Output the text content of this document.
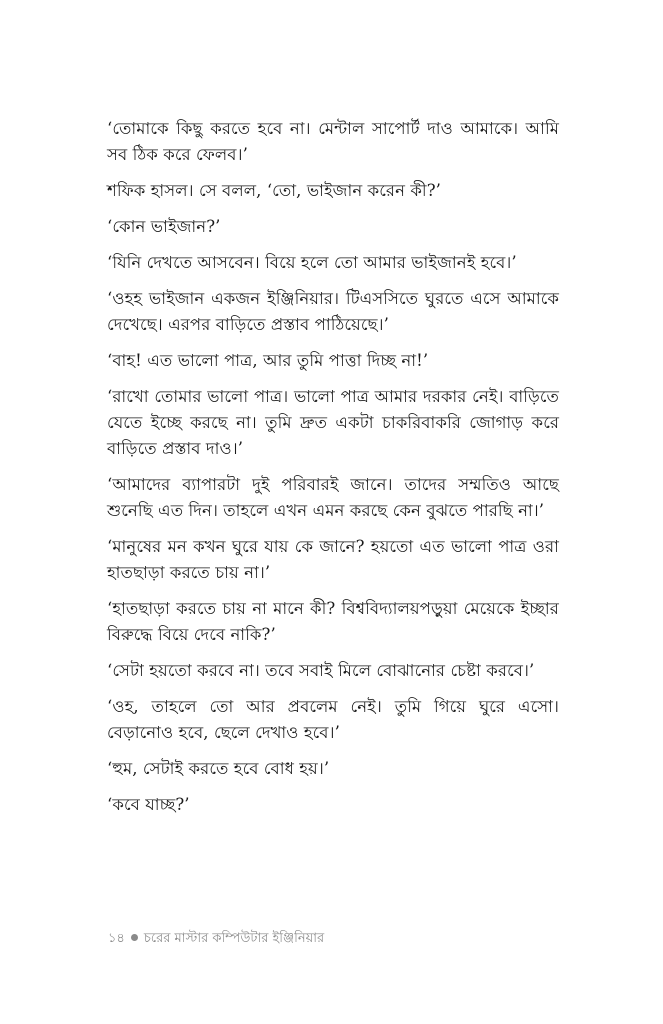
‘তোমাকে কিছু করতে হবে না। মেন্টাল সাপোর্ট দাও আমাকে। আমি সব ঠিক করে ফেলব।’

শফিক হাসল। সে বলল, ‘তো, ভাইজান করেন কী?’

‘কোন ভাইজান?’

‘যিনি দেখতে আসবেন। বিয়ে হলে তো আমার ভাইজানই হবে।’

‘ওহহ ভাইজান একজন ইঞ্জিনিয়ার। টিএসসিতে ঘুরতে এসে আমাকে দেখেছে। এরপর বাড়িতে প্রস্তাব পাঠিয়েছে।’

‘বাহ! এত ভালো পাত্র, আর তুমি পাত্তা দিচ্ছ না!’

‘রাখো তোমার ভালো পাত্র। ভালো পাত্র আমার দরকার নেই। বাড়িতে যেতে ইচ্ছে করছে না। তুমি দ্রুত একটা চাকরিবাকরি জোগাড় করে বাড়িতে প্রস্তাব দাও।’

‘আমাদের ব্যাপারটা দুই পরিবারই জানে। তাদের সম্মতিও আছে শুনেছি এত দিন। তাহলে এখন এমন করছে কেন বুঝতে পারছি না।’

‘মানুষের মন কখন ঘুরে যায় কে জানে? হয়তো এত ভালো পাত্র ওরা হাতছাড়া করতে চায় না।’

‘হাতছাড়া করতে চায় না মানে কী? বিশ্ববিদ্যালয়পড়ুয়া মেয়েকে ইচ্ছার বিরুদ্ধে বিয়ে দেবে নাকি?’

‘সেটা হয়তো করবে না। তবে সবাই মিলে বোঝানোর চেষ্টা করবে।’

‘ওহ, তাহলে তো আর প্রবলেম নেই। তুমি গিয়ে ঘুরে এসো। বেড়ানোও হবে, ছেলে দেখাও হবে।’

‘হুম, সেটাই করতে হবে বোধ হয়।’

‘কবে যাচ্ছ?’

১৪ চরের মাস্টার কম্পিউটার ইঞ্জিনিয়ার
